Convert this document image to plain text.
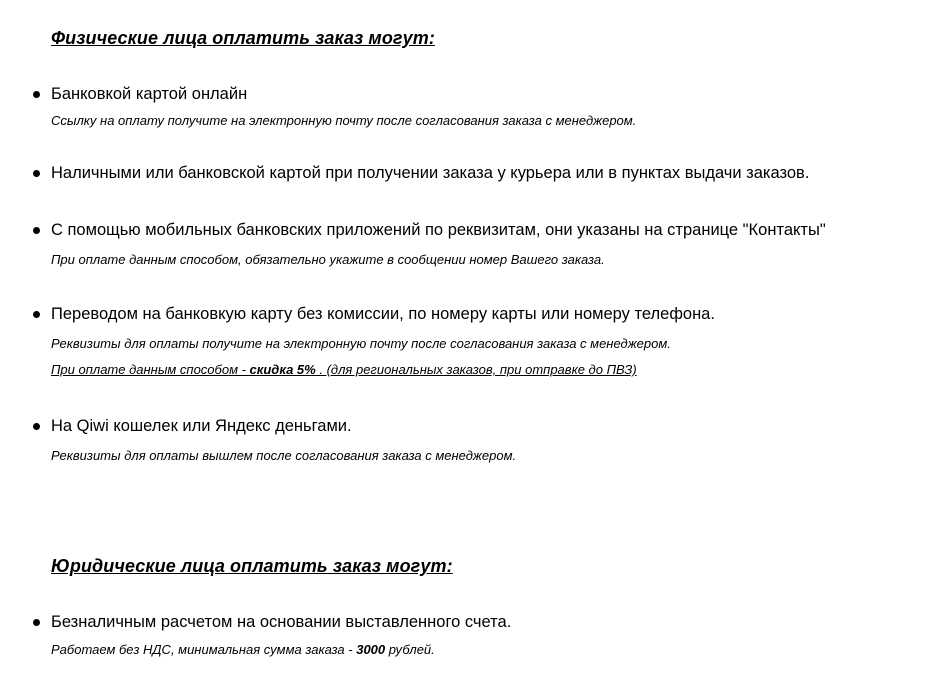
Физические лица оплатить заказ могут:
Банковкой картой онлайн
Ссылку на оплату получите на электронную почту после согласования заказа с менеджером.
Наличными или банковской картой при получении заказа у курьера или в пунктах выдачи заказов.
С помощью мобильных банковских приложений по реквизитам, они указаны на странице "Контакты"
При оплате данным способом, обязательно укажите в сообщении номер Вашего заказа.
Переводом на банковкую карту без комиссии, по номеру карты или номеру телефона.
Реквизиты для оплаты получите на электронную почту после согласования заказа с менеджером.
При оплате данным способом - скидка 5% . (для региональных заказов, при отправке до ПВЗ)
На Qiwi кошелек или Яндекс деньгами.
Реквизиты для оплаты вышлем после согласования заказа с менеджером.
Юридические лица оплатить заказ могут:
Безналичным расчетом на основании выставленного счета.
Работаем без НДС, минимальная сумма заказа - 3000 рублей.
